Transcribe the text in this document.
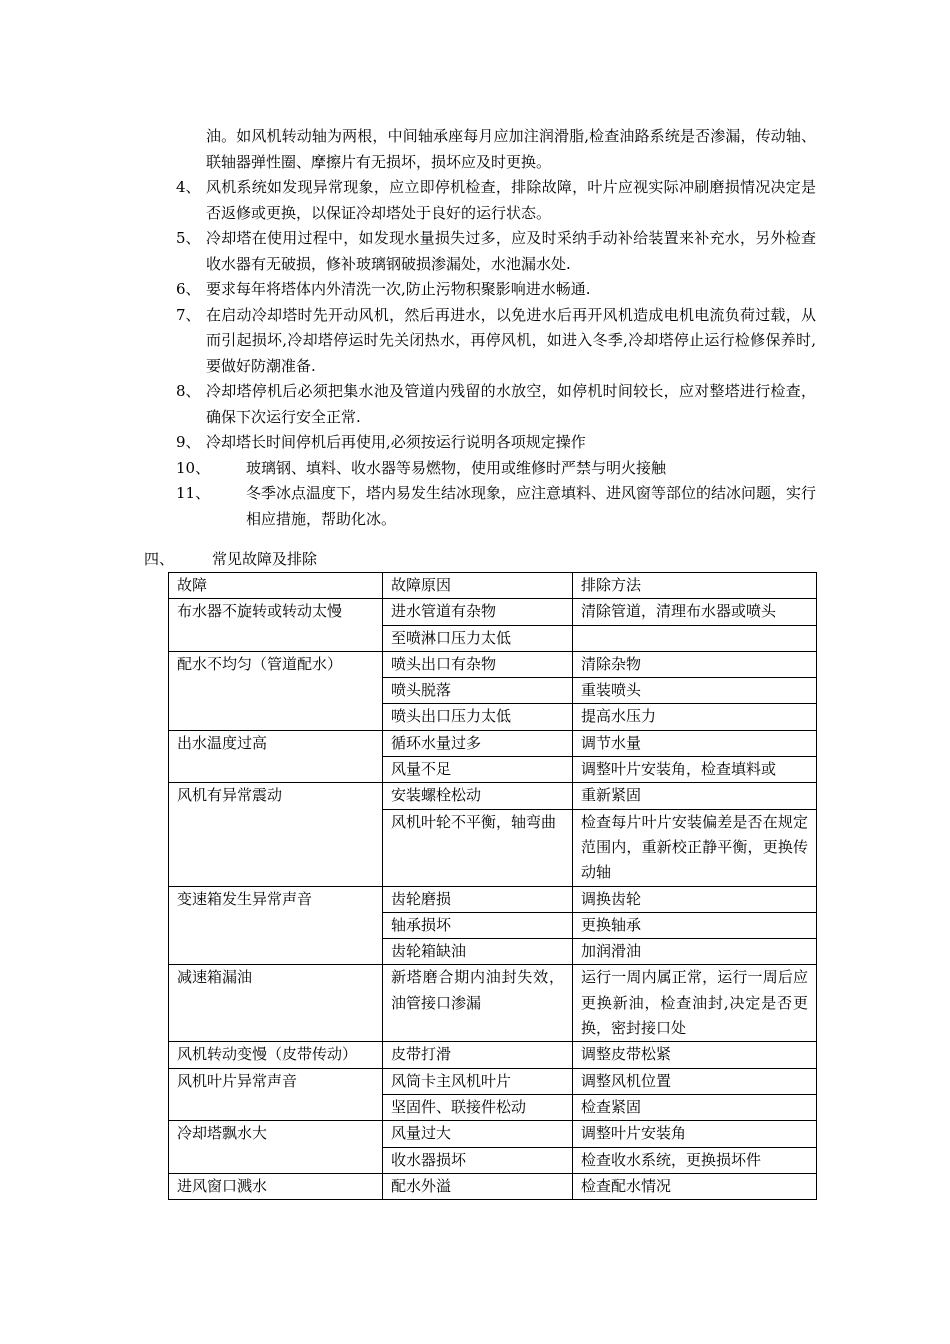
油。如风机转动轴为两根，中间轴承座每月应加注润滑脂,检查油路系统是否渗漏，传动轴、联轴器弹性圈、摩擦片有无损坏，损坏应及时更换。
4、 风机系统如发现异常现象，应立即停机检查，排除故障，叶片应视实际冲刷磨损情况决定是否返修或更换，以保证冷却塔处于良好的运行状态。
5、 冷却塔在使用过程中，如发现水量损失过多，应及时采纳手动补给装置来补充水，另外检查收水器有无破损，修补玻璃钢破损渗漏处，水池漏水处.
6、 要求每年将塔体内外清洗一次,防止污物积聚影响进水畅通.
7、 在启动冷却塔时先开动风机，然后再进水，以免进水后再开风机造成电机电流负荷过载，从而引起损坏,冷却塔停运时先关闭热水，再停风机，如进入冬季,冷却塔停止运行检修保养时,要做好防潮准备.
8、 冷却塔停机后必须把集水池及管道内残留的水放空，如停机时间较长，应对整塔进行检查，确保下次运行安全正常.
9、 冷却塔长时间停机后再使用,必须按运行说明各项规定操作
10、	玻璃钢、填料、收水器等易燃物，使用或维修时严禁与明火接触
11、	冬季冰点温度下，塔内易发生结冰现象，应注意填料、进风窗等部位的结冰问题，实行相应措施，帮助化冰。
四、	常见故障及排除
故障	故障原因	排除方法
布水器不旋转或转动太慢	进水管道有杂物	清除管道，清理布水器或喷头
	至喷淋口压力太低	
配水不均匀（管道配水）	喷头出口有杂物	清除杂物
	喷头脱落	重装喷头
	喷头出口压力太低	提高水压力
出水温度过高	循环水量过多	调节水量
	风量不足	调整叶片安装角，检查填料或
风机有异常震动	安装螺栓松动	重新紧固
	风机叶轮不平衡，轴弯曲	检查每片叶片安装偏差是否在规定范围内，重新校正静平衡，更换传动轴
变速箱发生异常声音	齿轮磨损	调换齿轮
	轴承损坏	更换轴承
	齿轮箱缺油	加润滑油
减速箱漏油	新塔磨合期内油封失效，油管接口渗漏	运行一周内属正常，运行一周后应更换新油，检查油封,决定是否更换，密封接口处
风机转动变慢（皮带传动）	皮带打滑	调整皮带松紧
风机叶片异常声音	风筒卡主风机叶片	调整风机位置
	坚固件、联接件松动	检查紧固
冷却塔飘水大	风量过大	调整叶片安装角
	收水器损坏	检查收水系统，更换损坏件
进风窗口溅水	配水外溢	检查配水情况
